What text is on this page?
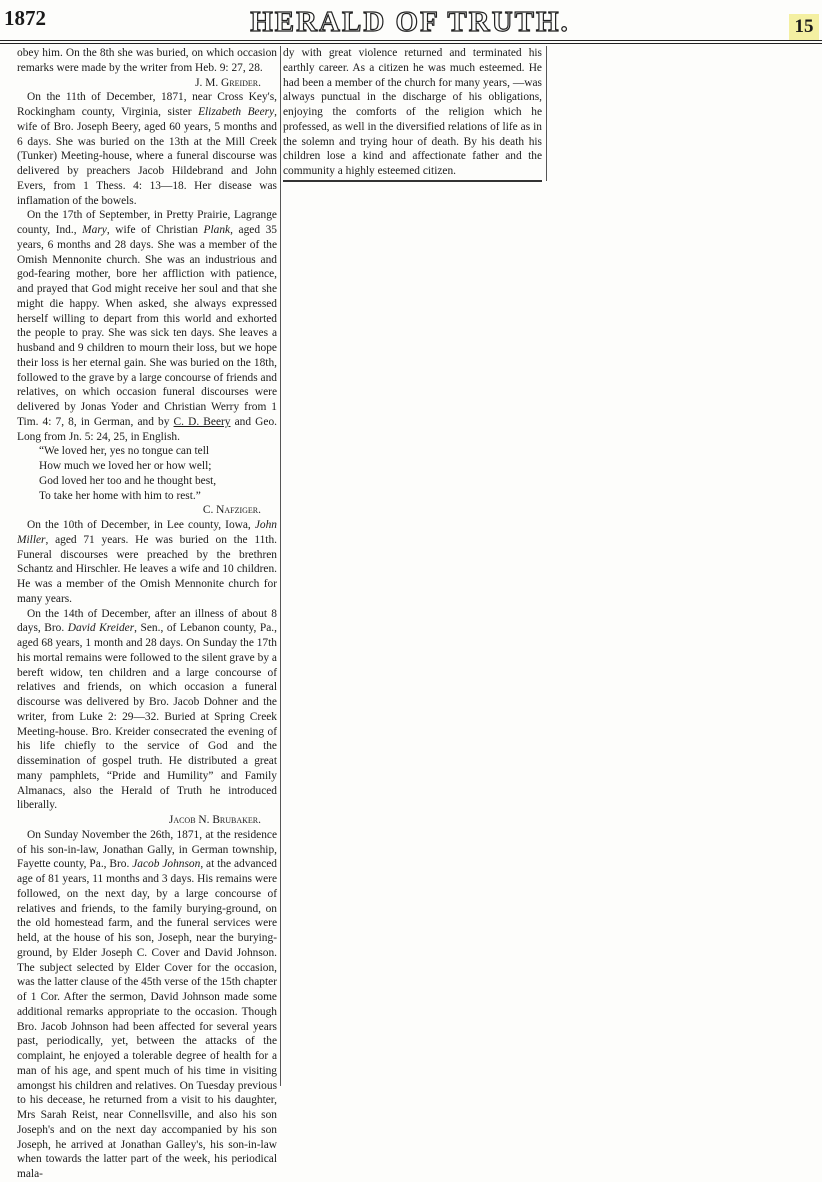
1872	HERALD OF TRUTH.	15

obey him. On the 8th she was buried, on which occasion remarks were made by the writer from Heb. 9: 27, 28.

J. M. Greider.

On the 11th of December, 1871, near Cross Key's, Rockingham county, Virginia, sister Elizabeth Beery, wife of Bro. Joseph Beery, aged 60 years, 5 months and 6 days. She was buried on the 13th at the Mill Creek (Tunker) Meeting-house, where a funeral discourse was delivered by preachers Jacob Hildebrand and John Evers, from 1 Thess. 4: 13—18. Her disease was inflamation of the bowels.

On the 17th of September, in Pretty Prairie, Lagrange county, Ind., Mary, wife of Christian Plank, aged 35 years, 6 months and 28 days. She was a member of the Omish Mennonite church. She was an industrious and god-fearing mother, bore her affliction with patience, and prayed that God might receive her soul and that she might die happy. When asked, she always expressed herself willing to depart from this world and exhorted the people to pray. She was sick ten days. She leaves a husband and 9 children to mourn their loss, but we hope their loss is her eternal gain. She was buried on the 18th, followed to the grave by a large concourse of friends and relatives, on which occasion funeral discourses were delivered by Jonas Yoder and Christian Werry from 1 Tim. 4: 7, 8, in German, and by C. D. Beery and Geo. Long from Jn. 5: 24, 25, in English.

“We loved her, yes no tongue can tell

How much we loved her or how well;

God loved her too and he thought best,

To take her home with him to rest.”

C. Nafziger.

On the 10th of December, in Lee county, Iowa, John Miller, aged 71 years. He was buried on the 11th. Funeral discourses were preached by the brethren Schantz and Hirschler. He leaves a wife and 10 children. He was a member of the Omish Mennonite church for many years.

On the 14th of December, after an illness of about 8 days, Bro. David Kreider, Sen., of Lebanon county, Pa., aged 68 years, 1 month and 28 days. On Sunday the 17th his mortal remains were followed to the silent grave by a bereft widow, ten children and a large concourse of relatives and friends, on which occasion a funeral discourse was delivered by Bro. Jacob Dohner and the writer, from Luke 2: 29—32. Buried at Spring Creek Meeting-house. Bro. Kreider consecrated the evening of his life chiefly to the service of God and the dissemination of gospel truth. He distributed a great many pamphlets, “Pride and Humility” and Family Almanacs, also the Herald of Truth he introduced liberally.

Jacob N. Brubaker.

On Sunday November the 26th, 1871, at the residence of his son-in-law, Jonathan Gally, in German township, Fayette county, Pa., Bro. Jacob Johnson, at the advanced age of 81 years, 11 months and 3 days. His remains were followed, on the next day, by a large concourse of relatives and friends, to the family burying-ground, on the old homestead farm, and the funeral services were held, at the house of his son, Joseph, near the burying-ground, by Elder Joseph C. Cover and David Johnson. The subject selected by Elder Cover for the occasion, was the latter clause of the 45th verse of the 15th chapter of 1 Cor. After the sermon, David Johnson made some additional remarks appropriate to the occasion. Though Bro. Jacob Johnson had been affected for several years past, periodically, yet, between the attacks of the complaint, he enjoyed a tolerable degree of health for a man of his age, and spent much of his time in visiting amongst his children and relatives. On Tuesday previous to his decease, he returned from a visit to his daughter, Mrs Sarah Reist, near Connellsville, and also his son Joseph's and on the next day accompanied by his son Joseph, he arrived at Jonathan Galley's, his son-in-law when towards the latter part of the week, his periodical mala-

dy with great violence returned and terminated his earthly career. As a citizen he was much esteemed. He had been a member of the church for many years, —was always punctual in the discharge of his obligations, enjoying the comforts of the religion which he professed, as well in the diversified relations of life as in the solemn and trying hour of death. By his death his children lose a kind and affectionate father and the community a highly esteemed citizen.
